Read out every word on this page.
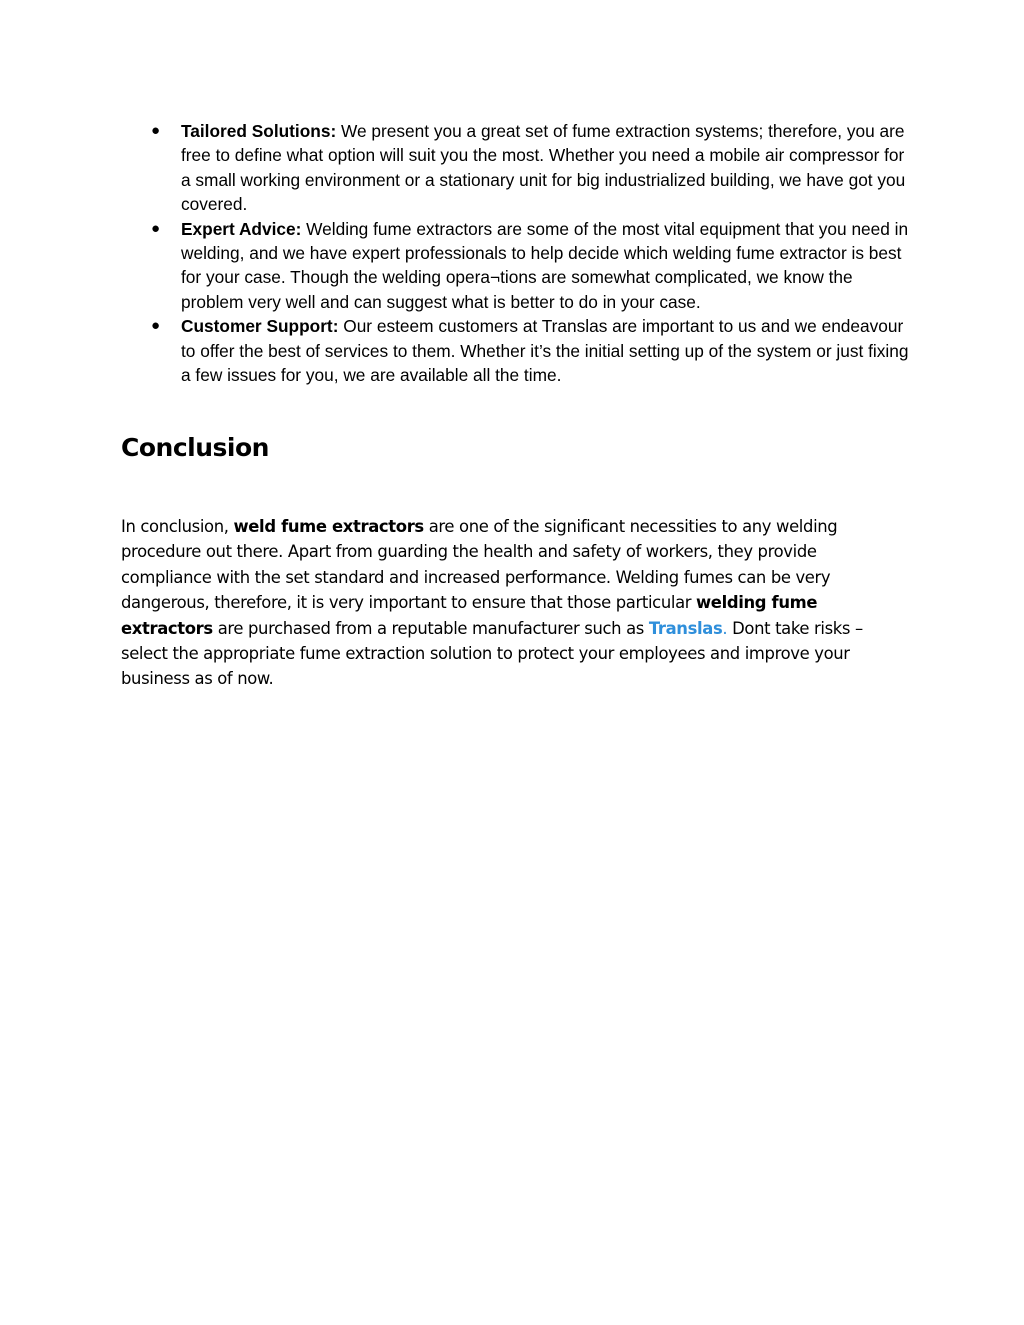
● Tailored Solutions: We present you a great set of fume extraction systems; therefore, you are free to define what option will suit you the most. Whether you need a mobile air compressor for a small working environment or a stationary unit for big industrialized building, we have got you covered.
● Expert Advice: Welding fume extractors are some of the most vital equipment that you need in welding, and we have expert professionals to help decide which welding fume extractor is best for your case. Though the welding opera¬tions are somewhat complicated, we know the problem very well and can suggest what is better to do in your case.
● Customer Support: Our esteem customers at Translas are important to us and we endeavour to offer the best of services to them. Whether it’s the initial setting up of the system or just fixing a few issues for you, we are available all the time.
Conclusion

In conclusion, weld fume extractors are one of the significant necessities to any welding procedure out there. Apart from guarding the health and safety of workers, they provide compliance with the set standard and increased performance. Welding fumes can be very dangerous, therefore, it is very important to ensure that those particular welding fume extractors are purchased from a reputable manufacturer such as Translas. Dont take risks – select the appropriate fume extraction solution to protect your employees and improve your business as of now.
